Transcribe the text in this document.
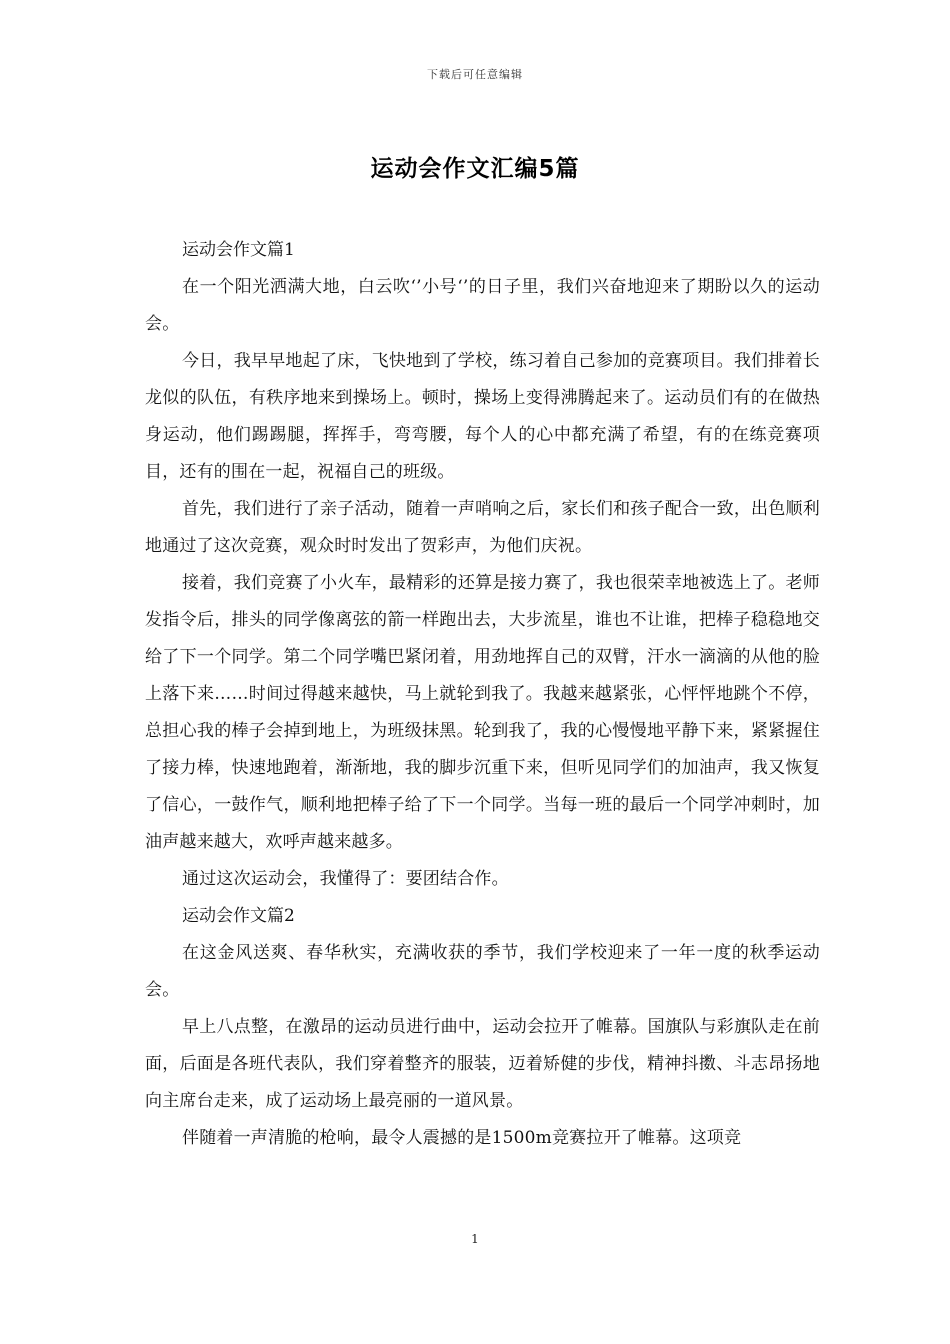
下载后可任意编辑
运动会作文汇编5篇

运动会作文篇1

在一个阳光洒满大地，白云吹‘’小号‘’的日子里，我们兴奋地迎来了期盼以久的运动会。

今日，我早早地起了床，飞快地到了学校，练习着自己参加的竞赛项目。我们排着长龙似的队伍，有秩序地来到操场上。顿时，操场上变得沸腾起来了。运动员们有的在做热身运动，他们踢踢腿，挥挥手，弯弯腰，每个人的心中都充满了希望，有的在练竞赛项目，还有的围在一起，祝福自己的班级。

首先，我们进行了亲子活动，随着一声哨响之后，家长们和孩子配合一致，出色顺利地通过了这次竞赛，观众时时发出了贺彩声，为他们庆祝。

接着，我们竞赛了小火车，最精彩的还算是接力赛了，我也很荣幸地被选上了。老师发指令后，排头的同学像离弦的箭一样跑出去，大步流星，谁也不让谁，把棒子稳稳地交给了下一个同学。第二个同学嘴巴紧闭着，用劲地挥自己的双臂，汗水一滴滴的从他的脸上落下来……时间过得越来越快，马上就轮到我了。我越来越紧张，心怦怦地跳个不停，总担心我的棒子会掉到地上，为班级抹黑。轮到我了，我的心慢慢地平静下来，紧紧握住了接力棒，快速地跑着，渐渐地，我的脚步沉重下来，但听见同学们的加油声，我又恢复了信心，一鼓作气，顺利地把棒子给了下一个同学。当每一班的最后一个同学冲刺时，加油声越来越大，欢呼声越来越多。

通过这次运动会，我懂得了：要团结合作。

运动会作文篇2

在这金风送爽、春华秋实，充满收获的季节，我们学校迎来了一年一度的秋季运动会。

早上八点整，在激昂的运动员进行曲中，运动会拉开了帷幕。国旗队与彩旗队走在前面，后面是各班代表队，我们穿着整齐的服装，迈着矫健的步伐，精神抖擞、斗志昂扬地向主席台走来，成了运动场上最亮丽的一道风景。

伴随着一声清脆的枪响，最令人震撼的是1500m竞赛拉开了帷幕。这项竞

1
